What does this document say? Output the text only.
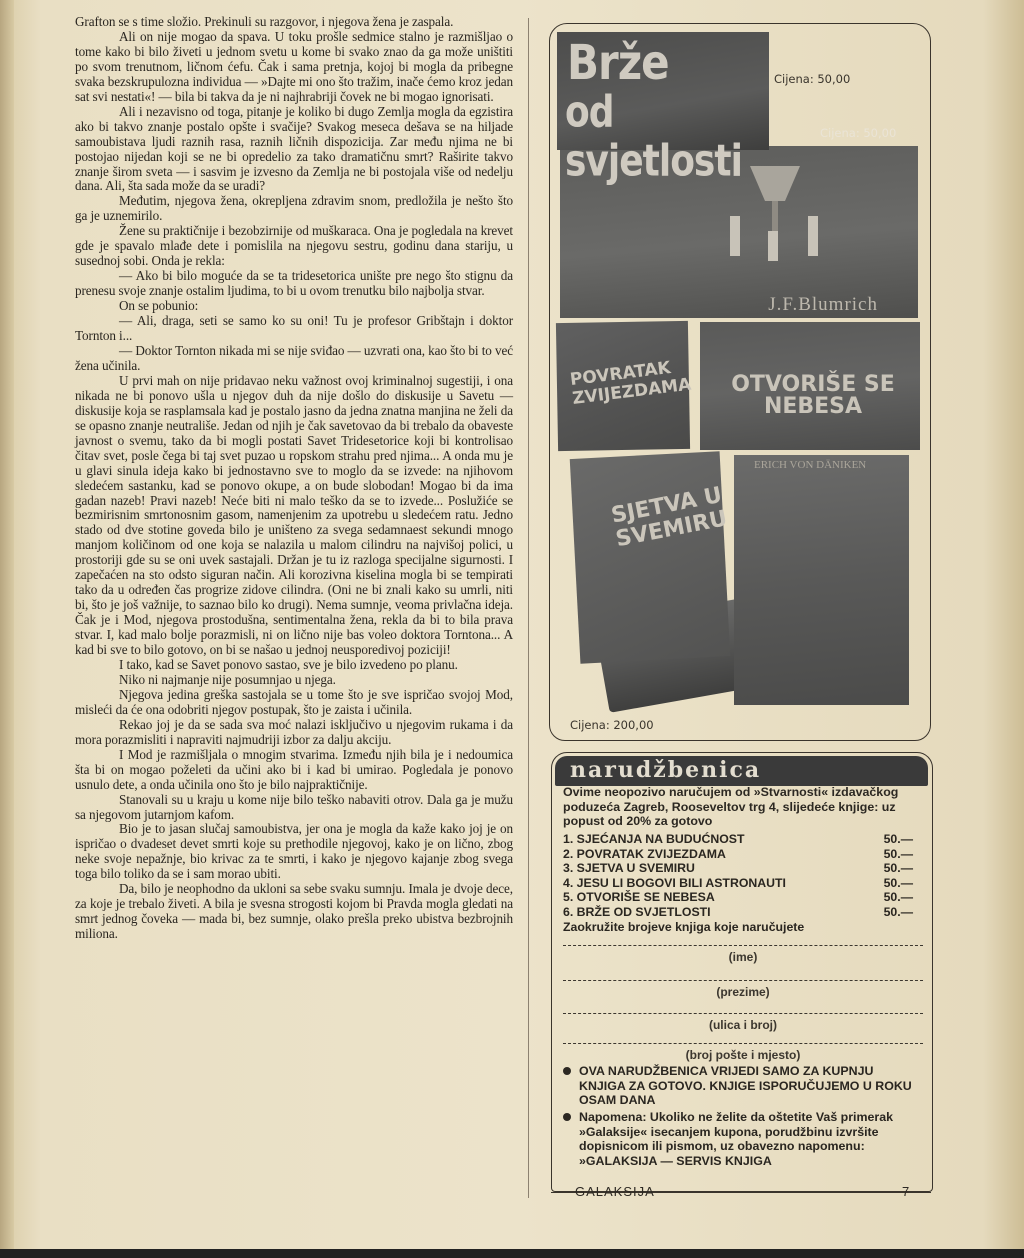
Grafton se s time složio. Prekinuli su razgovor, i njegova žena je zaspala.

Ali on nije mogao da spava. U toku prošle sedmice stalno je razmišljao o tome kako bi bilo živeti u jednom svetu u kome bi svako znao da ga može uništiti po svom trenutnom, ličnom ćefu. Čak i sama pretnja, kojoj bi mogla da pribegne svaka bezskrupulozna individua — »Dajte mi ono što tražim, inače ćemo kroz jedan sat svi nestati«! — bila bi takva da je ni najhrabriji čovek ne bi mogao ignorisati.

Ali i nezavisno od toga, pitanje je koliko bi dugo Zemlja mogla da egzistira ako bi takvo znanje postalo opšte i svačije? Svakog meseca dešava se na hiljade samoubistava ljudi raznih rasa, raznih ličnih dispozicija. Zar među njima ne bi postojao nijedan koji se ne bi opredelio za tako dramatičnu smrt? Raširite takvo znanje širom sveta — i sasvim je izvesno da Zemlja ne bi postojala više od nedelju dana. Ali, šta sada može da se uradi?

Međutim, njegova žena, okrepljena zdravim snom, predložila je nešto što ga je uznemirilo.

Žene su praktičnije i bezobzirnije od muškaraca. Ona je pogledala na krevet gde je spavalo mlađe dete i pomislila na njegovu sestru, godinu dana stariju, u susednoj sobi. Onda je rekla:

— Ako bi bilo moguće da se ta tridesetorica unište pre nego što stignu da prenesu svoje znanje ostalim ljudima, to bi u ovom trenutku bilo najbolja stvar.

On se pobunio:

— Ali, draga, seti se samo ko su oni! Tu je profesor Gribštajn i doktor Tornton i...

— Doktor Tornton nikada mi se nije sviđao — uzvrati ona, kao što bi to već žena učinila.

U prvi mah on nije pridavao neku važnost ovoj kriminalnoj sugestiji, i ona nikada ne bi ponovo ušla u njegov duh da nije došlo do diskusije u Savetu — diskusije koja se rasplamsala kad je postalo jasno da jedna znatna manjina ne želi da se opasno znanje neutrališe. Jedan od njih je čak savetovao da bi trebalo da obaveste javnost o svemu, tako da bi mogli postati Savet Tridesetorice koji bi kontrolisao čitav svet, posle čega bi taj svet puzao u ropskom strahu pred njima... A onda mu je u glavi sinula ideja kako bi jednostavno sve to moglo da se izvede: na njihovom sledećem sastanku, kad se ponovo okupe, a on bude slobodan! Mogao bi da ima gadan nazeb! Pravi nazeb! Neće biti ni malo teško da se to izvede... Poslužiće se bezmirisnim smrtonosnim gasom, namenjenim za upotrebu u sledećem ratu. Jedno stado od dve stotine goveda bilo je uništeno za svega sedamnaest sekundi mnogo manjom količinom od one koja se nalazila u malom cilindru na najvišoj polici, u prostoriji gde su se oni uvek sastajali. Držan je tu iz razloga specijalne sigurnosti. I zapečaćen na sto odsto siguran način. Ali korozivna kiselina mogla bi se tempirati tako da u određen čas progrize zidove cilindra. (Oni ne bi znali kako su umrli, niti bi, što je još važnije, to saznao bilo ko drugi). Nema sumnje, veoma privlačna ideja. Čak je i Mod, njegova prostodušna, sentimentalna žena, rekla da bi to bila prava stvar. I, kad malo bolje porazmisli, ni on lično nije bas voleo doktora Torntona... A kad bi sve to bilo gotovo, on bi se našao u jednoj neusporedivoj poziciji!

I tako, kad se Savet ponovo sastao, sve je bilo izvedeno po planu.

Niko ni najmanje nije posumnjao u njega.

Njegova jedina greška sastojala se u tome što je sve ispričao svojoj Mod, misleći da će ona odobriti njegov postupak, što je zaista i učinila.

Rekao joj je da se sada sva moć nalazi isključivo u njegovim rukama i da mora porazmisliti i napraviti najmudriji izbor za dalju akciju.

I Mod je razmišljala o mnogim stvarima. Između njih bila je i nedoumica šta bi on mogao poželeti da učini ako bi i kad bi umirao. Pogledala je ponovo usnulo dete, a onda učinila ono što je bilo najpraktičnije.

Stanovali su u kraju u kome nije bilo teško nabaviti otrov. Dala ga je mužu sa njegovom jutarnjom kafom.

Bio je to jasan slučaj samoubistva, jer ona je mogla da kaže kako joj je on ispričao o dvadeset devet smrti koje su prethodile njegovoj, kako je on lično, zbog neke svoje nepažnje, bio krivac za te smrti, i kako je njegovo kajanje zbog svega toga bilo toliko da se i sam morao ubiti.

Da, bilo je neophodno da ukloni sa sebe svaku sumnju. Imala je dvoje dece, za koje je trebalo živeti. A bila je svesna strogosti kojom bi Pravda mogla gledati na smrt jednog čoveka — mada bi, bez sumnje, olako prešla preko ubistva bezbrojnih miliona.

J.F.Blumrich
Brže
od svjetlosti
POVRATAK ZVIJEZDAMA	OTVORIŠE SE NEBESA
SJETVA U SVEMIRU
ERICH VON DÄNIKEN
Cijena: 50,00
Cijena: 50,00
Cijena: 200,00
narudžbenica
Ovime neopozivo naručujem od »Stvarnosti« izdavačkog poduzeća Zagreb, Rooseveltov trg 4, slijedeće knjige: uz popust od 20% za gotovo
1. SJEĆANJA NA BUDUĆNOST	50.—
2. POVRATAK ZVIJEZDAMA	50.—
3. SJETVA U SVEMIRU	50.—
4. JESU LI BOGOVI BILI ASTRONAUTI	50.—
5. OTVORIŠE SE NEBESA	50.—
6. BRŽE OD SVJETLOSTI	50.—
Zaokružite brojeve knjiga koje naručujete
(ime)
(prezime)
(ulica i broj)
(broj pošte i mjesto)
OVA NARUDŽBENICA VRIJEDI SAMO ZA KUPNJU KNJIGA ZA GOTOVO. KNJIGE ISPORUČUJEMO U ROKU OSAM DANA
Napomena: Ukoliko ne želite da oštetite Vaš primerak »Galaksije« isecanjem kupona, porudžbinu izvršite dopisnicom ili pismom, uz obavezno napomenu: »GALAKSIJA — SERVIS KNJIGA
GALAKSIJA	7
